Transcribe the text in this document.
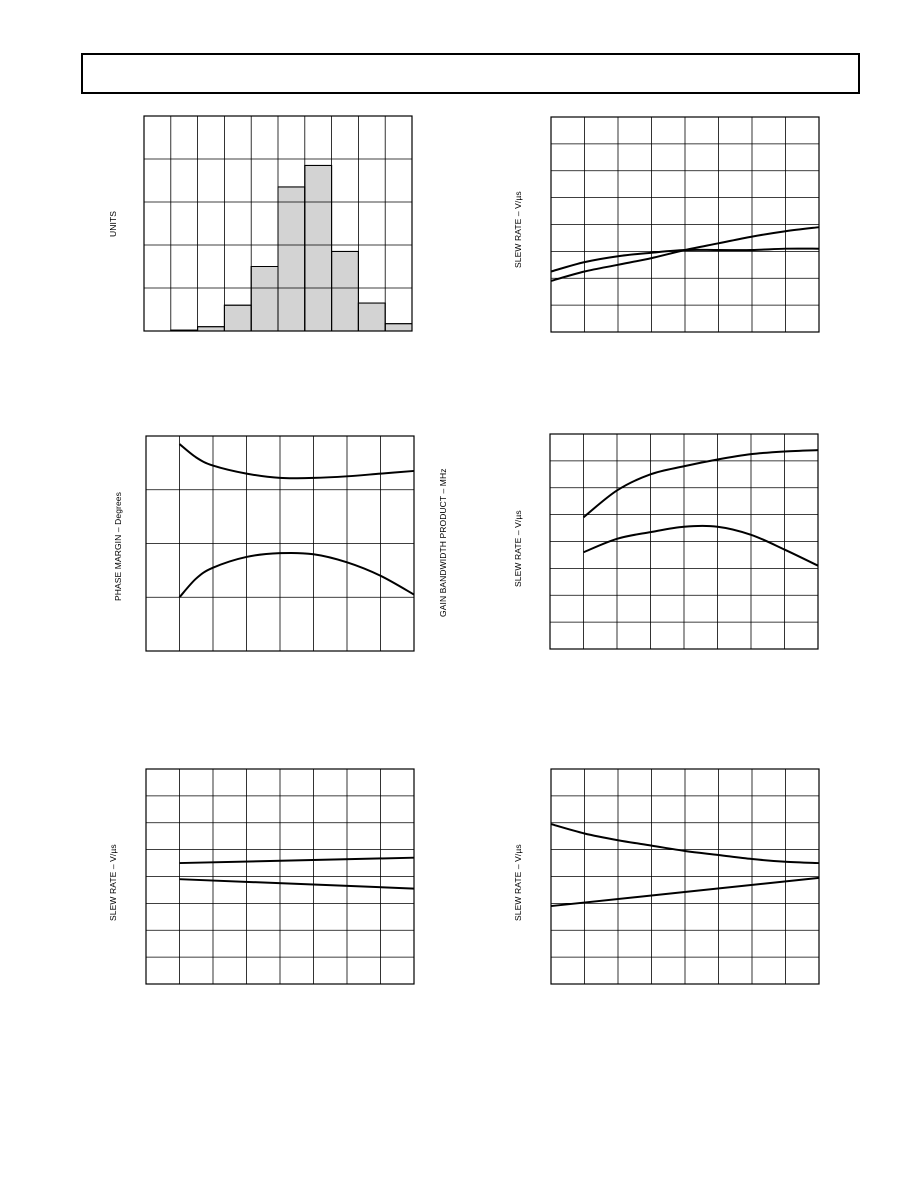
UNITS	SLEW RATE – V/µs
PHASE MARGIN – Degrees	GAIN BANDWIDTH PRODUCT – MHz	SLEW RATE – V/µs
SLEW RATE – V/µs	SLEW RATE – V/µs
